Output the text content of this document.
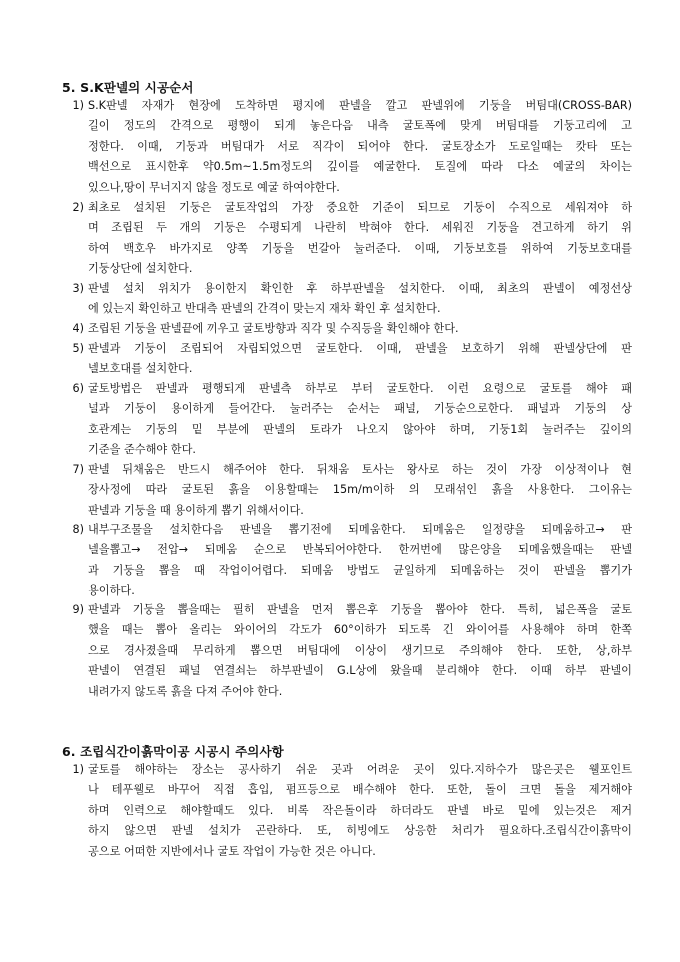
5. S.K판넬의 시공순서
1) S.K판넬 자재가 현장에 도착하면 평지에 판넬을 깔고 판넬위에 기둥을 버팀대(CROSS-BAR)
길이 정도의 간격으로 평행이 되게 놓은다음 내측 굴토폭에 맞게 버팀대를 기둥고리에 고
정한다. 이때, 기둥과 버팀대가 서로 직각이 되어야 한다. 굴토장소가 도로일때는 캇타 또는
백선으로 표시한후 약0.5m~1.5m정도의 깊이를 예굴한다. 토질에 따라 다소 예굴의 차이는
있으나,땅이 무너지지 않을 정도로 예굴 하여야한다.
2) 최초로 설치된 기둥은 굴토작업의 가장 중요한 기준이 되므로 기둥이 수직으로 세워져야 하
며 조립된 두 개의 기둥은 수평되게 나란히 박혀야 한다. 세워진 기둥을 견고하게 하기 위
하여 백호우 바가지로 양쪽 기둥을 번갈아 눌러준다. 이때, 기둥보호를 위하여 기둥보호대를
기둥상단에 설치한다.
3) 판넬 설치 위치가 용이한지 확인한 후 하부판넬을 설치한다. 이때, 최초의 판넬이 예정선상
에 있는지 확인하고 반대측 판넬의 간격이 맞는지 재차 확인 후 설치한다.
4) 조립된 기둥을 판넬끝에 끼우고 굴토방향과 직각 및 수직등을 확인해야 한다.
5) 판넬과 기둥이 조립되어 자립되었으면 굴토한다. 이때, 판넬을 보호하기 위해 판넬상단에 판
넬보호대를 설치한다.
6) 굴토방법은 판넬과 평행되게 판넬측 하부로 부터 굴토한다. 이런 요령으로 굴토를 해야 패
널과 기둥이 용이하게 들어간다. 눌러주는 순서는 패널, 기둥순으로한다. 패널과 기둥의 상
호관계는 기둥의 밑 부분에 판넬의 토라가 나오지 않아야 하며, 기둥1회 눌러주는 깊이의
기준을 준수해야 한다.
7) 판넬 뒤채움은 반드시 해주어야 한다. 뒤채움 토사는 왕사로 하는 것이 가장 이상적이나 현
장사정에 따라 굴토된 흙을 이용할때는 15m/m이하 의 모래섞인 흙을 사용한다. 그이유는
판넬과 기둥을 때 용이하게 뽑기 위해서이다.
8) 내부구조물을 설치한다음 판넬을 뽑기전에 되메움한다. 되메움은 일정량을 되메움하고→ 판
넬을뽑고→ 전압→ 되메움 순으로 반복되어야한다. 한꺼번에 많은양을 되메움했을때는 판넬
과 기둥을 뽑을 때 작업이어렵다. 되메움 방법도 균일하게 되메움하는 것이 판넬을 뽑기가
용이하다.
9) 판넬과 기둥을 뽑을때는 필히 판넬을 먼저 뽑은후 기둥을 뽑아야 한다. 특히, 넓은폭을 굴토
했을 때는 뽑아 올리는 와이어의 각도가 60°이하가 되도록 긴 와이어를 사용해야 하며 한쪽
으로 경사졌을때 무리하게 뽑으면 버팀대에 이상이 생기므로 주의해야 한다. 또한, 상,하부
판넬이 연결된 패널 연결쇠는 하부판넬이 G.L상에 왔을때 분리해야 한다. 이때 하부 판넬이
내려가지 않도록 흙을 다져 주어야 한다.
6. 조립식간이흙막이공 시공시 주의사항
1) 굴토를 해야하는 장소는 공사하기 쉬운 곳과 어려운 곳이 있다.지하수가 많은곳은 웰포인트
나 테푸웰로 바꾸어 직접 흡입, 펌프등으로 배수해야 한다. 또한, 돌이 크면 돌을 제거해야
하며 인력으로 해야할때도 있다. 비록 작은돌이라 하더라도 판넬 바로 밑에 있는것은 제거
하지 않으면 판넬 설치가 곤란하다. 또, 히빙에도 상응한 처리가 필요하다.조립식간이흙막이
공으로 어떠한 지반에서나 굴토 작업이 가능한 것은 아니다.
